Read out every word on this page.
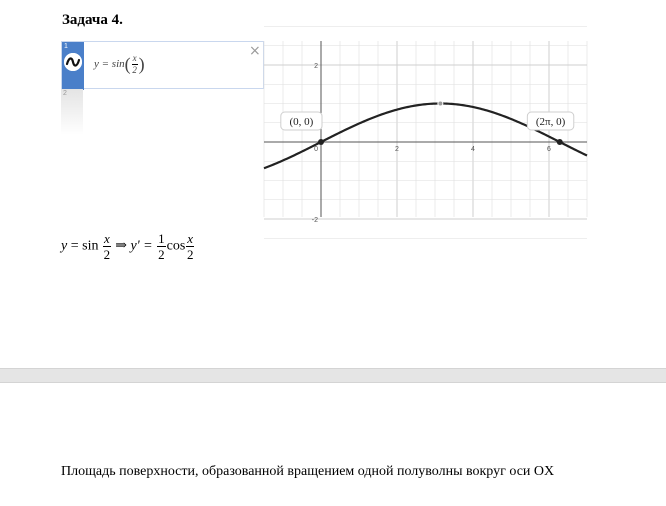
Задача 4.
1
$y = \sin( \frac{x}{2}$ )
×
2
2	4	6
2
-2
0
(0, 0)	(2π, 0)
$y = \sin \frac{x}{2}$ ⇒ $y' = \frac{1}{2}$ $\cos \frac{x}{2}$
Площадь поверхности, образованной вращением одной полуволны вокруг оси OX
